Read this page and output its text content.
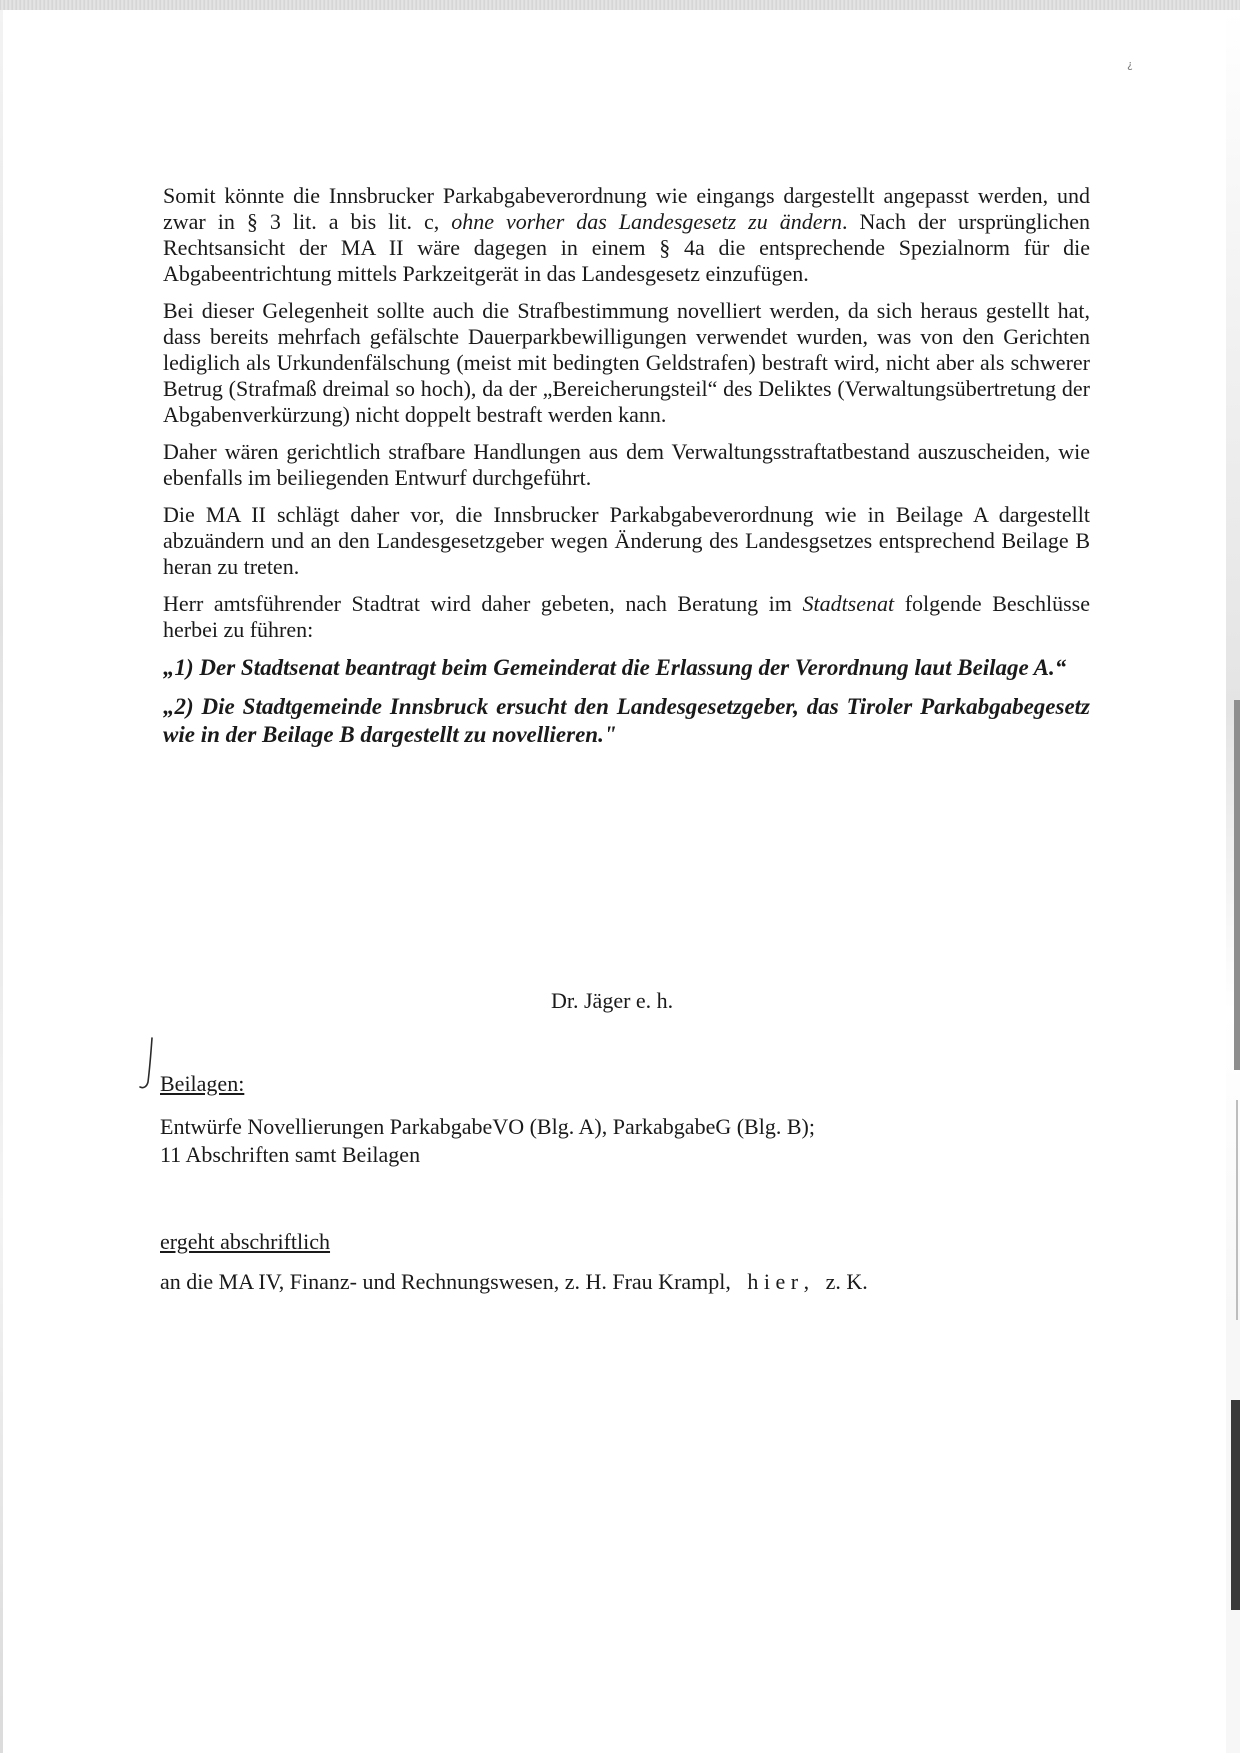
¿

Somit könnte die Innsbrucker Parkabgabeverordnung wie eingangs dargestellt angepasst werden, und zwar in § 3 lit. a bis lit. c, ohne vorher das Landesgesetz zu ändern. Nach der ursprünglichen Rechtsansicht der MA II wäre dagegen in einem § 4a die entsprechende Spezialnorm für die Abgabeentrichtung mittels Parkzeitgerät in das Landesgesetz einzufügen.

Bei dieser Gelegenheit sollte auch die Strafbestimmung novelliert werden, da sich heraus gestellt hat, dass bereits mehrfach gefälschte Dauerparkbewilligungen verwendet wurden, was von den Gerichten lediglich als Urkundenfälschung (meist mit bedingten Geldstrafen) bestraft wird, nicht aber als schwerer Betrug (Strafmaß dreimal so hoch), da der „Bereicherungsteil“ des Deliktes (Verwaltungsübertretung der Abgabenverkürzung) nicht doppelt bestraft werden kann.

Daher wären gerichtlich strafbare Handlungen aus dem Verwaltungsstraftatbestand auszuscheiden, wie ebenfalls im beiliegenden Entwurf durchgeführt.

Die MA II schlägt daher vor, die Innsbrucker Parkabgabeverordnung wie in Beilage A dargestellt abzuändern und an den Landesgesetzgeber wegen Änderung des Landesgsetzes entsprechend Beilage B heran zu treten.

Herr amtsführender Stadtrat wird daher gebeten, nach Beratung im Stadtsenat folgende Beschlüsse herbei zu führen:

„1) Der Stadtsenat beantragt beim Gemeinderat die Erlassung der Verordnung laut Beilage A.“

„2) Die Stadtgemeinde Innsbruck ersucht den Landesgesetzgeber, das Tiroler Parkabgabegesetz wie in der Beilage B dargestellt zu novellieren."

Dr. Jäger e. h.
Beilagen:
Entwürfe Novellierungen ParkabgabeVO (Blg. A), ParkabgabeG (Blg. B);
11 Abschriften samt Beilagen
ergeht abschriftlich
an die MA IV, Finanz- und Rechnungswesen, z. H. Frau Krampl,   h i e r ,   z. K.
